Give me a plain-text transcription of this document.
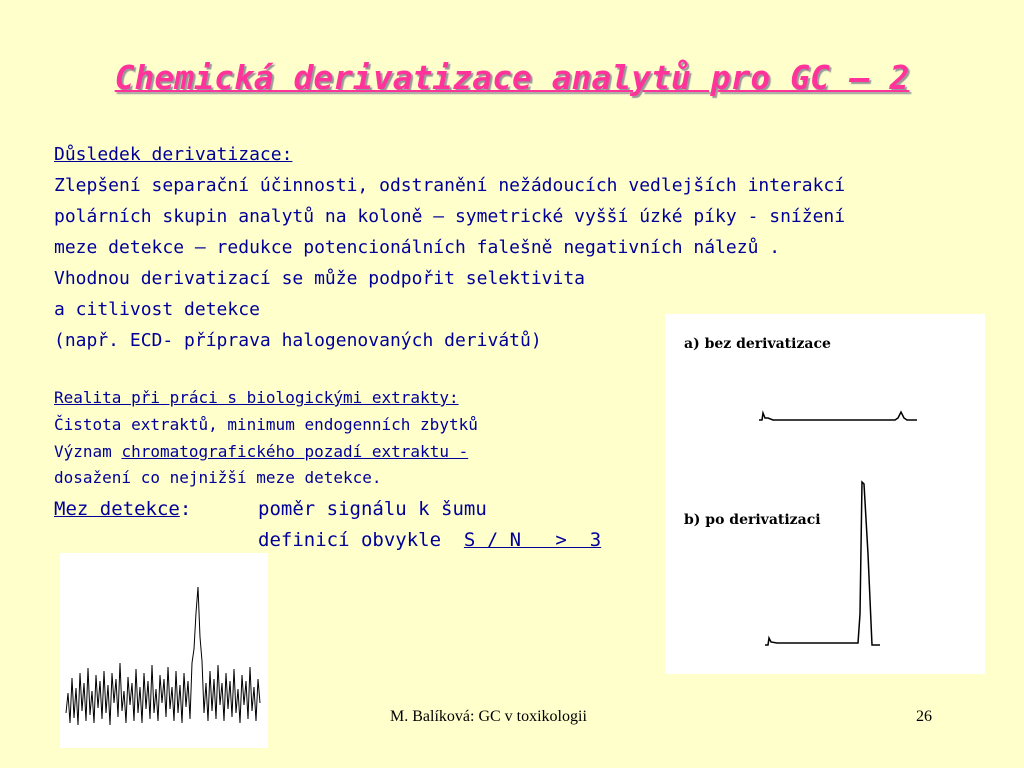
Chemická derivatizace analytů pro GC – 2
Důsledek derivatizace:
Zlepšení separační účinnosti, odstranění nežádoucích vedlejších interakcí
polárních skupin analytů na koloně – symetrické vyšší úzké píky - snížení
meze detekce – redukce potencionálních falešně negativních nálezů .
Vhodnou derivatizací se může podpořit selektivita
a citlivost detekce
(např. ECD- příprava halogenovaných derivátů)
Realita při práci s biologickými extrakty:
Čistota extraktů, minimum endogenních zbytků
Význam chromatografického pozadí extraktu -
dosažení co nejnižší meze detekce.
Mez detekce:	poměr signálu k šumu
definicí obvykle  S / N   >  3
a) bez derivatizace
b) po derivatizaci
M. Balíková: GC v toxikologii	26
